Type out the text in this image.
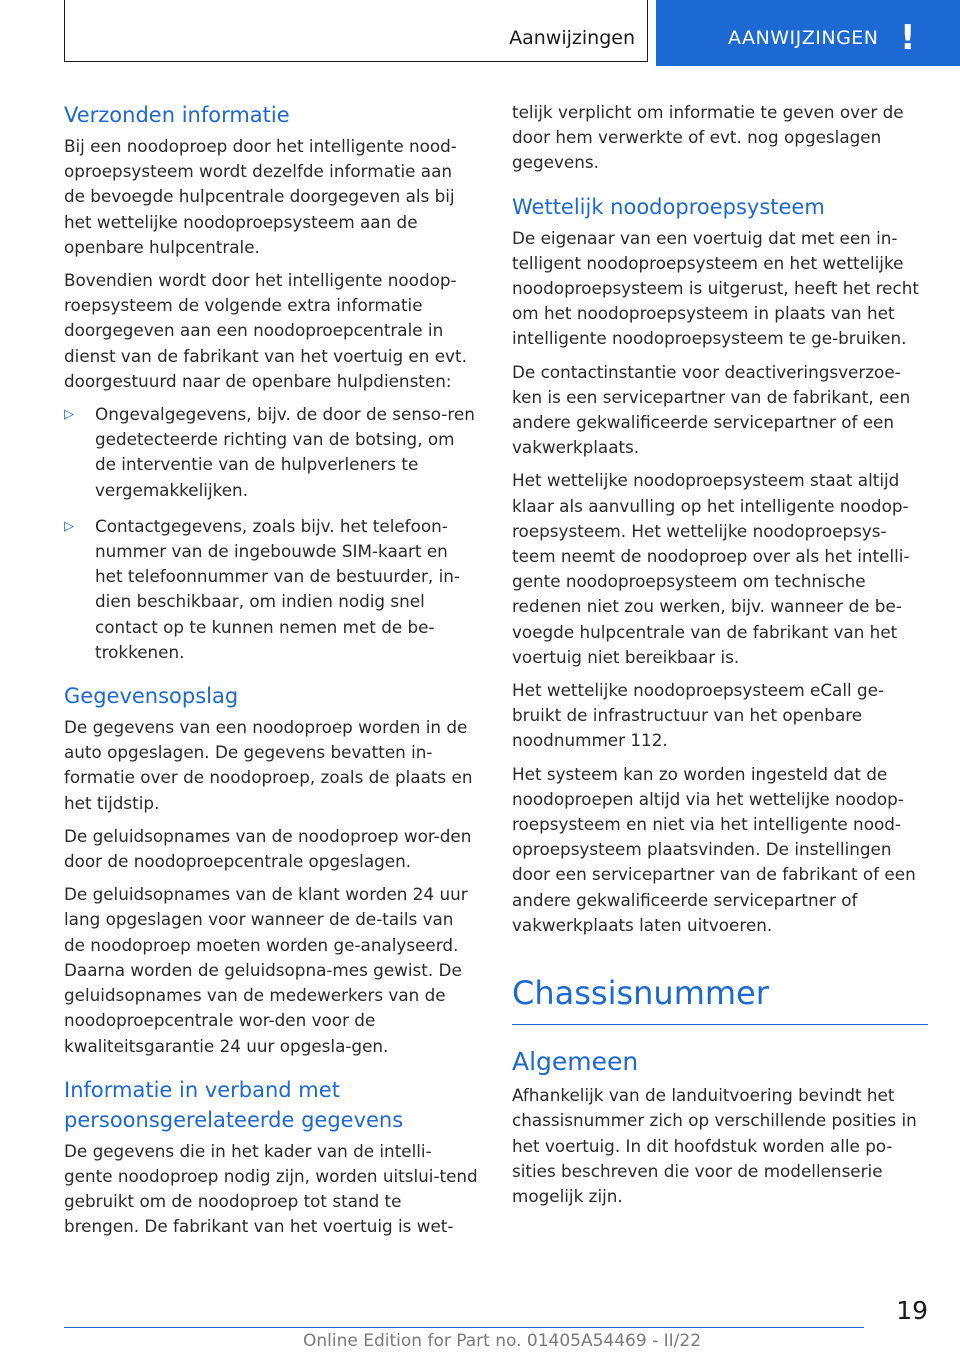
Aanwijzingen	AANWIJZINGEN !
Verzonden informatie

Bij een noodoproep door het intelligente nood-oproepsysteem wordt dezelfde informatie aan de bevoegde hulpcentrale doorgegeven als bij het wettelijke noodoproepsysteem aan de openbare hulpcentrale.

Bovendien wordt door het intelligente noodop-roepsysteem de volgende extra informatie doorgegeven aan een noodoproepcentrale in dienst van de fabrikant van het voertuig en evt. doorgestuurd naar de openbare hulpdiensten:

▷ Ongevalgegevens, bijv. de door de senso-ren gedetecteerde richting van de botsing, om de interventie van de hulpverleners te vergemakkelijken.
▷ Contactgegevens, zoals bijv. het telefoon-nummer van de ingebouwde SIM-kaart en het telefoonnummer van de bestuurder, in-dien beschikbaar, om indien nodig snel contact op te kunnen nemen met de be-trokkenen.
Gegevensopslag

De gegevens van een noodoproep worden in de auto opgeslagen. De gegevens bevatten in-formatie over de noodoproep, zoals de plaats en het tijdstip.

De geluidsopnames van de noodoproep wor-den door de noodoproepcentrale opgeslagen.

De geluidsopnames van de klant worden 24 uur lang opgeslagen voor wanneer de de-tails van de noodoproep moeten worden ge-analyseerd. Daarna worden de geluidsopna-mes gewist. De geluidsopnames van de medewerkers van de noodoproepcentrale wor-den voor de kwaliteitsgarantie 24 uur opgesla-gen.

Informatie in verband met persoonsgerelateerde gegevens

De gegevens die in het kader van de intelli-gente noodoproep nodig zijn, worden uitslui-tend gebruikt om de noodoproep tot stand te brengen. De fabrikant van het voertuig is wet-

telijk verplicht om informatie te geven over de door hem verwerkte of evt. nog opgeslagen gegevens.

Wettelijk noodoproepsysteem

De eigenaar van een voertuig dat met een in-telligent noodoproepsysteem en het wettelijke noodoproepsysteem is uitgerust, heeft het recht om het noodoproepsysteem in plaats van het intelligente noodoproepsysteem te ge-bruiken.

De contactinstantie voor deactiveringsverzoe-ken is een servicepartner van de fabrikant, een andere gekwalificeerde servicepartner of een vakwerkplaats.

Het wettelijke noodoproepsysteem staat altijd klaar als aanvulling op het intelligente noodop-roepsysteem. Het wettelijke noodoproepsys-teem neemt de noodoproep over als het intelli-gente noodoproepsysteem om technische redenen niet zou werken, bijv. wanneer de be-voegde hulpcentrale van de fabrikant van het voertuig niet bereikbaar is.

Het wettelijke noodoproepsysteem eCall ge-bruikt de infrastructuur van het openbare noodnummer 112.

Het systeem kan zo worden ingesteld dat de noodoproepen altijd via het wettelijke noodop-roepsysteem en niet via het intelligente nood-oproepsysteem plaatsvinden. De instellingen door een servicepartner van de fabrikant of een andere gekwalificeerde servicepartner of vakwerkplaats laten uitvoeren.

Chassisnummer
Algemeen

Afhankelijk van de landuitvoering bevindt het chassisnummer zich op verschillende posities in het voertuig. In dit hoofdstuk worden alle po-sities beschreven die voor de modellenserie mogelijk zijn.

19
Online Edition for Part no. 01405A54469 - II/22
